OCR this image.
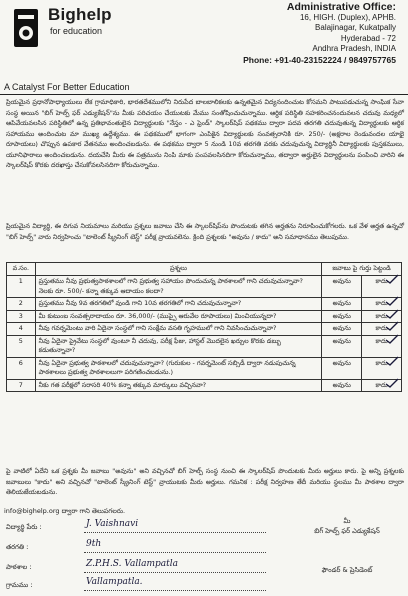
Bighelp
for education
Administrative Office:
16, HIGH. (Duplex), APHB.
Balajinagar, Kukatpally
Hyderabad - 72
Andhra Pradesh, INDIA
Phone: +91-40-23152224 / 9849757765
A Catalyst For Better Education
ప్రియమైన ప్రధానోపాధ్యాయులు లేక గ్రామాధికారి, భారతదేశములోని నిరుపేద బాలబాలికలకు ఉన్నతమైన విద్యనందించుట కోసమని పాటుపడుచున్న సాంఘిక సేవా సంస్థ అయిన "బిగ్ హెల్ప్ ఫర్ ఎడ్యుకేషన్"ను మీకు పరిచయం చేయుటకు మేము సంతోషించుచున్నాము. ఆర్థిక పరిస్థితి సహకరించనందువలన చదువు మధ్యలో ఆపివేయవలసిన పరిస్థితిలో ఉన్న ప్రతిభావంతులైన విద్యార్థులకు "నేస్తం - ఎ ఫ్రెండ్" స్కాలర్‌షిప్ పథకము ద్వారా పదవ తరగతి చదువుతున్న విద్యార్థులకు ఆర్థిక సహాయము అందించుట మా ముఖ్య ఉద్దేశ్యము. ఈ పథకములో భాగంగా ఎంపికైన విద్యార్థులకు సంవత్సరానికి రూ. 250/- (అక్షరాల రెండువందల యాభై రూపాయలు) చొప్పున ఉపకార వేతనము అందించబడును. ఈ పథకము ద్వారా 5 నుండి 10వ తరగతి వరకు చదువుచున్న విద్యార్థినీ విద్యార్థులకు పుస్తకములు, యూనిఫారాలు అందించబడును. దయచేసి మీరు ఈ పత్రమును నింపి మాకు పంపవలసినదిగా కోరుచున్నాము, తద్వారా అర్హులైన విద్యార్థులను పంపించి వారిని ఈ స్కాలర్‌షిప్ కొరకు దరఖాస్తు చేసుకోవలసినదిగా కోరుచున్నాము.
ప్రియమైన విద్యార్థి, ఈ దిగువ నియమాలు మరియు ప్రశ్నలు జవాబు చేసి ఈ స్కాలర్‌షిప్‌ను పొందుటకు తగిన అర్హతను నిరూపించుకోగలరు. ఒక వేళ అర్హత ఉన్నచో "బిగ్ హెల్ప్" వారు నిర్వహించు "టాలెంట్ స్క్రీనింగ్ టెస్ట్" పరీక్ష వ్రాయవలెను. క్రింది ప్రశ్నలకు "అవును / కాదు" అని సమాధానము తెలుపుము.
వ.సం.	ప్రశ్నలు	జవాబు పై గుర్తు పెట్టండి	
1	ప్రస్తుతము నీవు ప్రభుత్వపాఠశాలలో గాని ప్రభుత్వ సహాయం పొందుచున్న పాఠశాలలో గాని చదువుచున్నావా? నెలకు రూ. 500/- కన్నా తక్కువ ఆదాయం కలదా?	అవును	కాదు

2	ప్రస్తుతము నీవు 9వ తరగతిలో వుండి గాని 10వ తరగతిలో గాని చదువుచున్నావా?	అవును	కాదు

3	మీ కుటుంబ సంవత్సరాదాయం రూ. 36,000/- (ముప్పై ఆరువేల రూపాయలు) మించియున్నదా?	అవును	కాదు

4	నీవు గవర్నమెంటు వారి ఏదైనా సంస్థలో గాని సంక్షేమ వసతి గృహములో గాని నివసించుచున్నావా?	అవును	కాదు

5	నీవు ఏదైనా ప్రైవేటు సంస్థలో వుంటూ నీ చదువు, పరీక్ష ఫీజు, హాస్టల్ మొదలైన ఖర్చుల కొరకు డబ్బు కడుతున్నావా?	అవును	కాదు

6	నీవు ఏదైనా ప్రభుత్వ పాఠశాలలో చదువుచున్నావా? (గురుకుల - గవర్నమెంట్ సబ్సిడీ ద్వారా నడుపుచున్న పాఠశాలలు ప్రభుత్వ పాఠశాలలుగా పరిగణించబడును.)	అవును	కాదు

7	నీకు గత పరీక్షలో సరాసరి 40% కన్నా తక్కువ మార్కులు వచ్చినవా?	అవును	కాదు
పై వాటిలో ఏదేని ఒక ప్రశ్నకు మీ జవాబు "అవును" అని వచ్చినచో బిగ్ హెల్ప్ సంస్థ నుంచి ఈ స్కాలర్‌షిప్ పొందుటకు మీరు అర్హులు కారు. పై అన్ని ప్రశ్నలకు జవాబులు "కాదు" అని వచ్చినచో "టాలెంట్ స్క్రీనింగ్ టెస్ట్" వ్రాయుటకు మీరు అర్హులు. గమనిక : పరీక్ష నిర్వహణ తేదీ మరియు స్థలము మీ పాఠశాల ద్వారా తెలియజేయబడును.
info@bighelp.org ద్వారా గాని తెలుపగలరు.
విద్యార్థి పేరు :	J. Vaishnavi
తరగతి :	9th
పాఠశాల :	Z.P.H.S. Vallampatla
గ్రామము :	Vallampatla.
మీ
బిగ్ హెల్ప్ ఫర్ ఎడ్యుకేషన్
ఫౌండర్ & ప్రెసిడెంట్
